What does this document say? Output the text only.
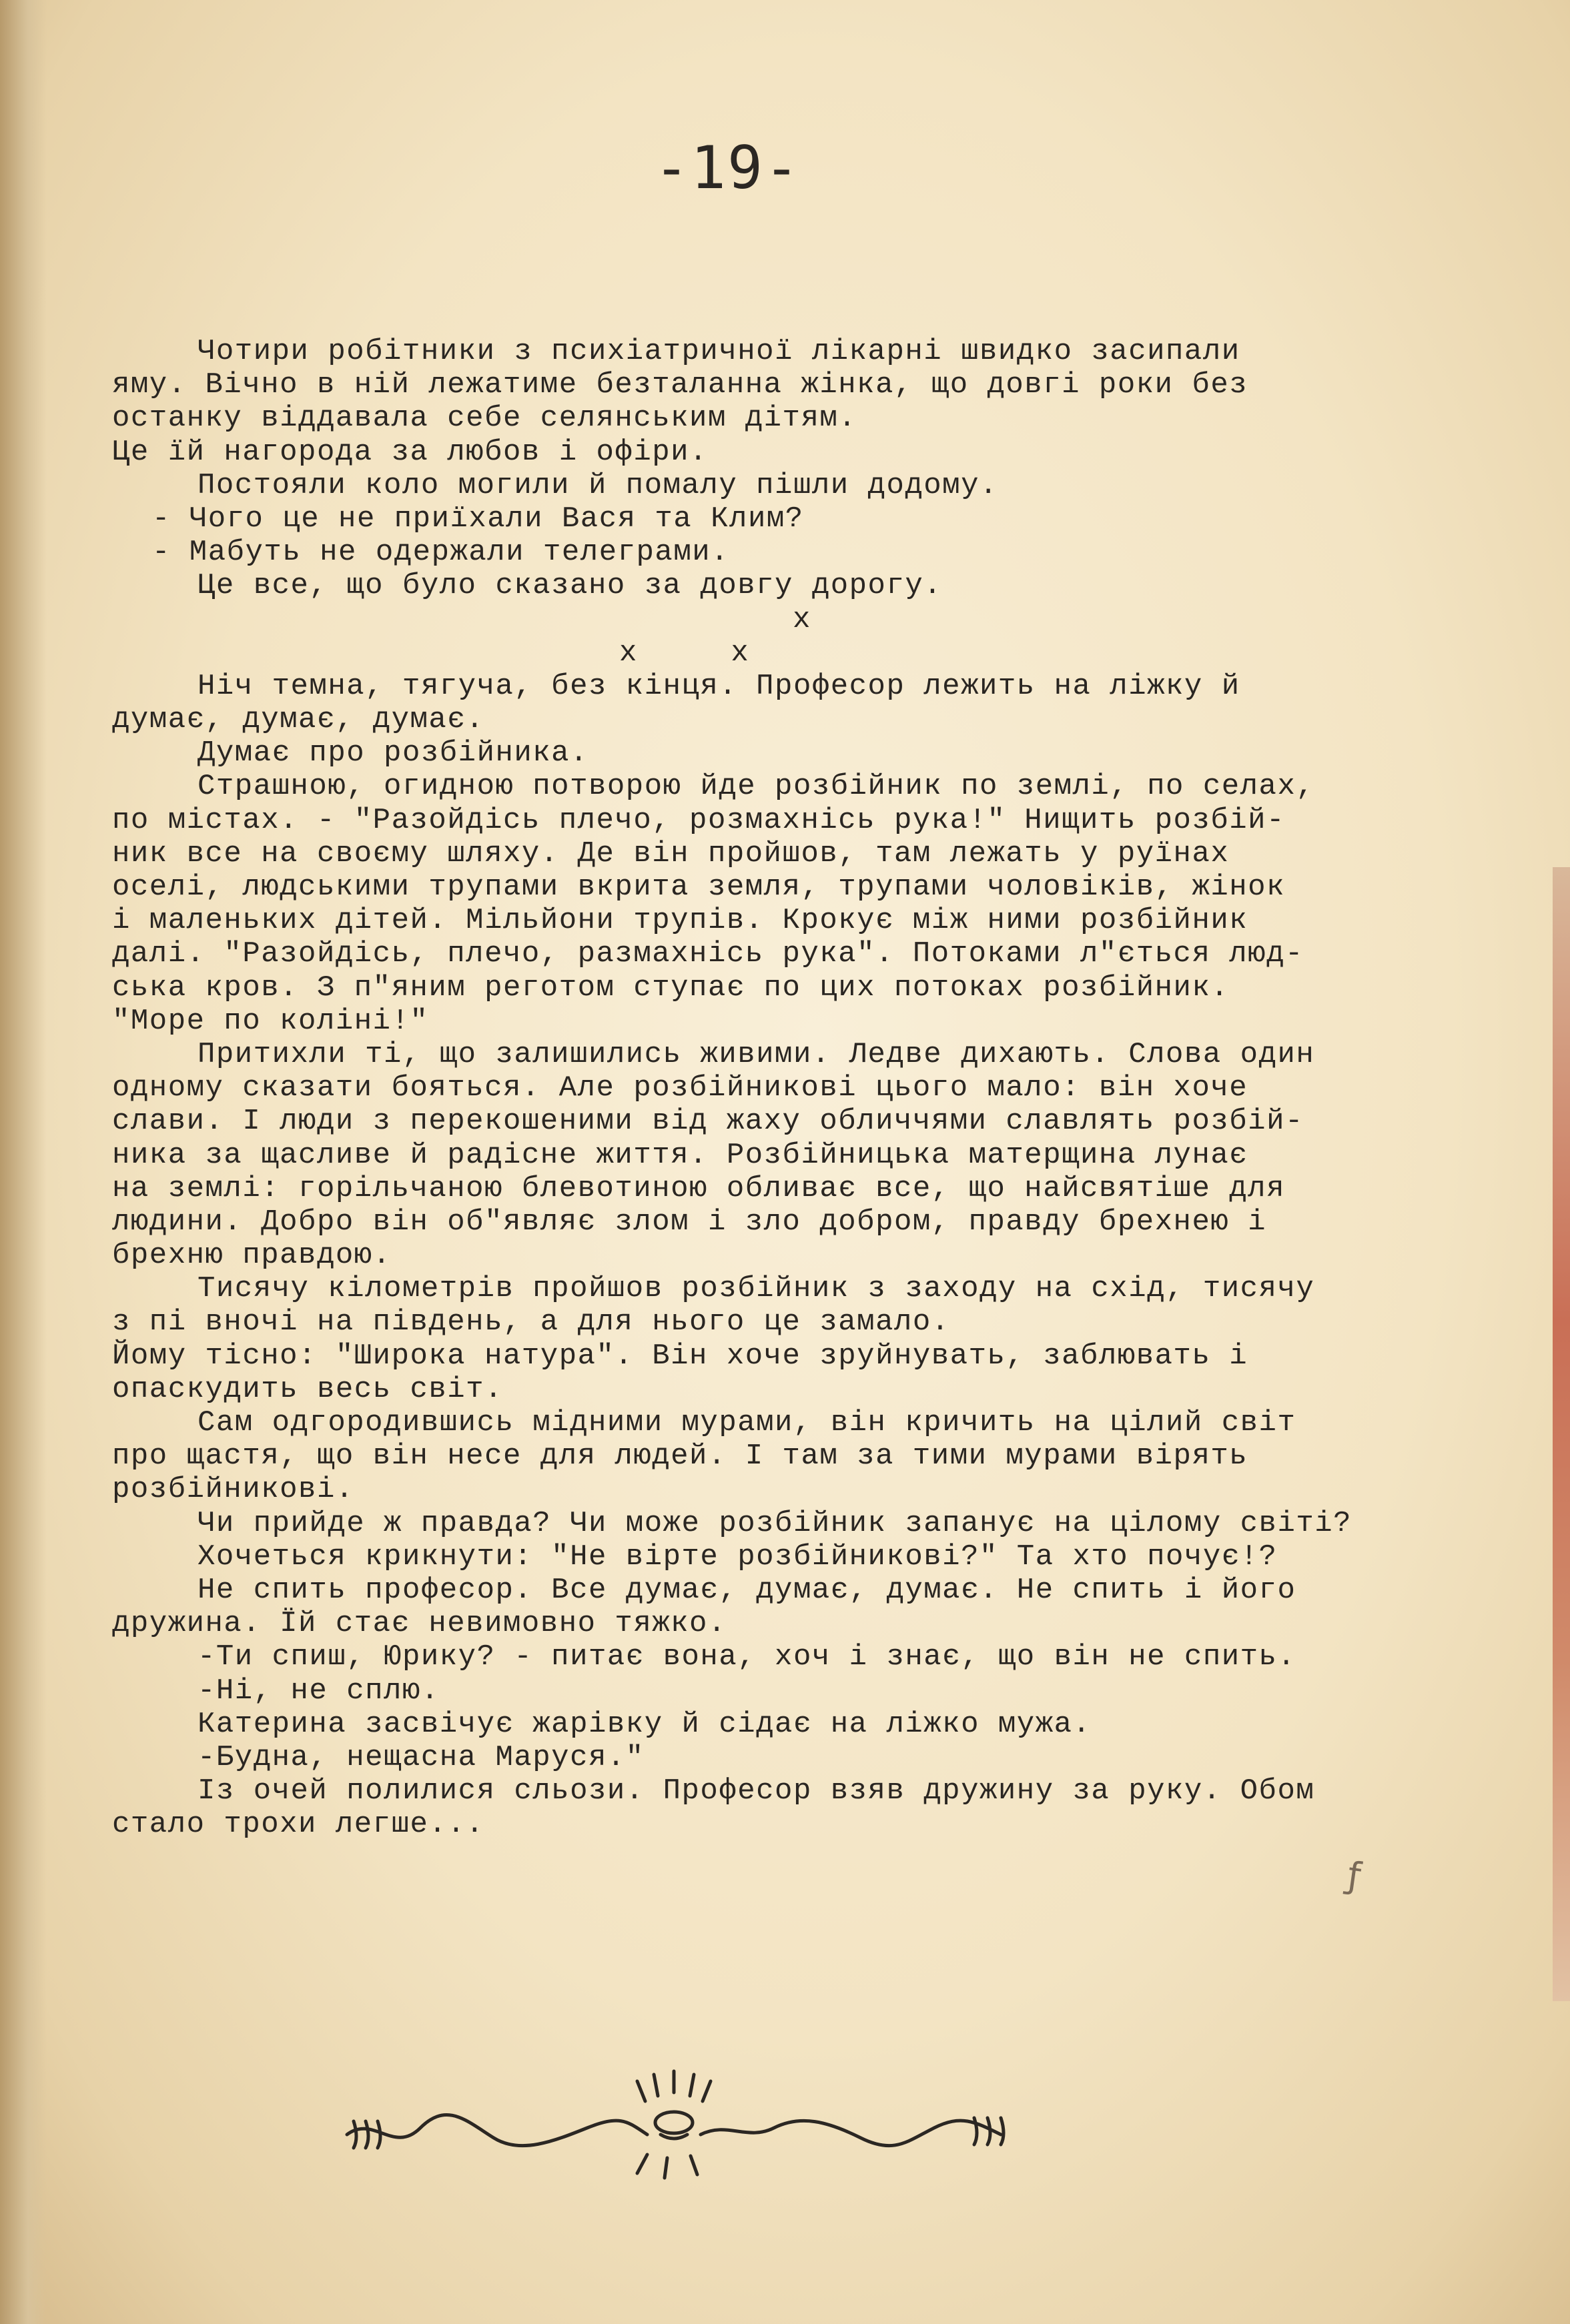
-19-
Чотири робітники з психіатричної лікарні швидко засипали
яму. Вічно в ній лежатиме безталанна жінка, що довгі роки без
останку віддавала себе селянським дітям.
Це їй нагорода за любов і офіри.
Постояли коло могили й помалу пішли додому.
- Чого це не приїхали Вася та Клим?
- Мабуть не одержали телеграми.
Це все, що було сказано за довгу дорогу.
х
х     х
Ніч темна, тягуча, без кінця. Професор лежить на ліжку й
думає, думає, думає.
Думає про розбійника.
Страшною, огидною потворою йде розбійник по землі, по селах,
по містах. - "Разойдісь плечо, розмахнісь рука!" Нищить розбій-
ник все на своєму шляху. Де він пройшов, там лежать у руїнах
оселі, людськими трупами вкрита земля, трупами чоловіків, жінок
і маленьких дітей. Мільйони трупів. Крокує між ними розбійник
далі. "Разойдісь, плечо, размахнісь рука". Потоками л"ється люд-
ська кров. З п"яним реготом ступає по цих потоках розбійник.
"Море по коліні!"
Притихли ті, що залишились живими. Ледве дихають. Слова один
одному сказати бояться. Але розбійникові цього мало: він хоче
слави. І люди з перекошеними від жаху обличчями славлять розбій-
ника за щасливе й радісне життя. Розбійницька матерщина лунає
на землі: горільчаною блевотиною обливає все, що найсвятіше для
людини. Добро він об"являє злом і зло добром, правду брехнею і
брехню правдою.
Тисячу кілометрів пройшов розбійник з заходу на схід, тисячу
з пі вночі на південь, а для нього це замало.
Йому тісно: "Широка натура". Він хоче зруйнувать, заблювать і
опаскудить весь світ.
Сам одгородившись мідними мурами, він кричить на цілий світ
про щастя, що він несе для людей. І там за тими мурами вірять
розбійникові.
Чи прийде ж правда? Чи може розбійник запанує на цілому світі?
Хочеться крикнути: "Не вірте розбійникові?" Та хто почує!?
Не спить професор. Все думає, думає, думає. Не спить і його
дружина. Їй стає невимовно тяжко.
-Ти спиш, Юрику? - питає вона, хоч і знає, що він не спить.
-Ні, не сплю.
Катерина засвічує жарівку й сідає на ліжко мужа.
-Будна, нещасна Маруся."
Із очей полилися сльози. Професор взяв дружину за руку. Обом
стало трохи легше...
ƒ
